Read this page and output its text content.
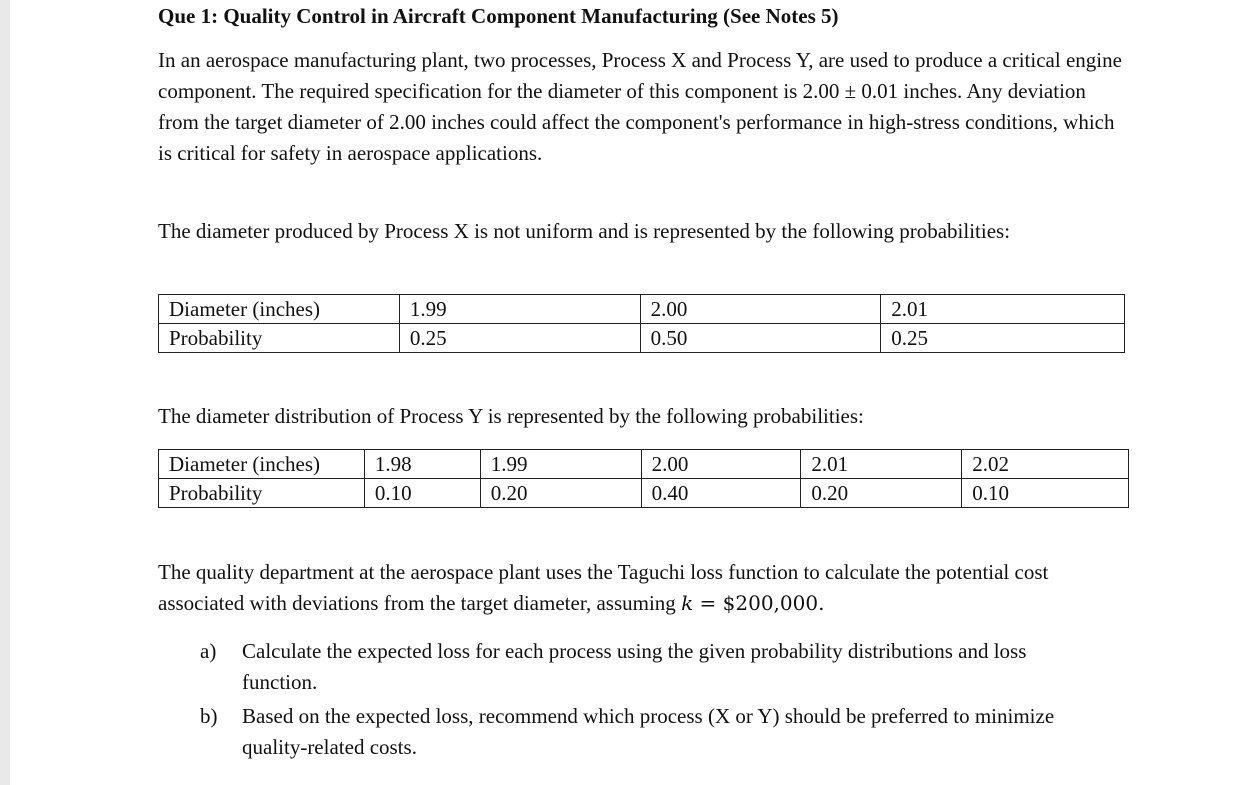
Que 1: Quality Control in Aircraft Component Manufacturing (See Notes 5)

In an aerospace manufacturing plant, two processes, Process X and Process Y, are used to produce a critical engine component. The required specification for the diameter of this component is 2.00 ± 0.01 inches. Any deviation from the target diameter of 2.00 inches could affect the component's performance in high-stress conditions, which is critical for safety in aerospace applications.

The diameter produced by Process X is not uniform and is represented by the following probabilities:

Diameter (inches)	1.99	2.00	2.01
Probability	0.25	0.50	0.25

The diameter distribution of Process Y is represented by the following probabilities:

Diameter (inches)	1.98	1.99	2.00	2.01	2.02
Probability	0.10	0.20	0.40	0.20	0.10

The quality department at the aerospace plant uses the Taguchi loss function to calculate the potential cost associated with deviations from the target diameter, assuming k = $200,000.

a) Calculate the expected loss for each process using the given probability distributions and loss function.
b) Based on the expected loss, recommend which process (X or Y) should be preferred to minimize quality-related costs.
